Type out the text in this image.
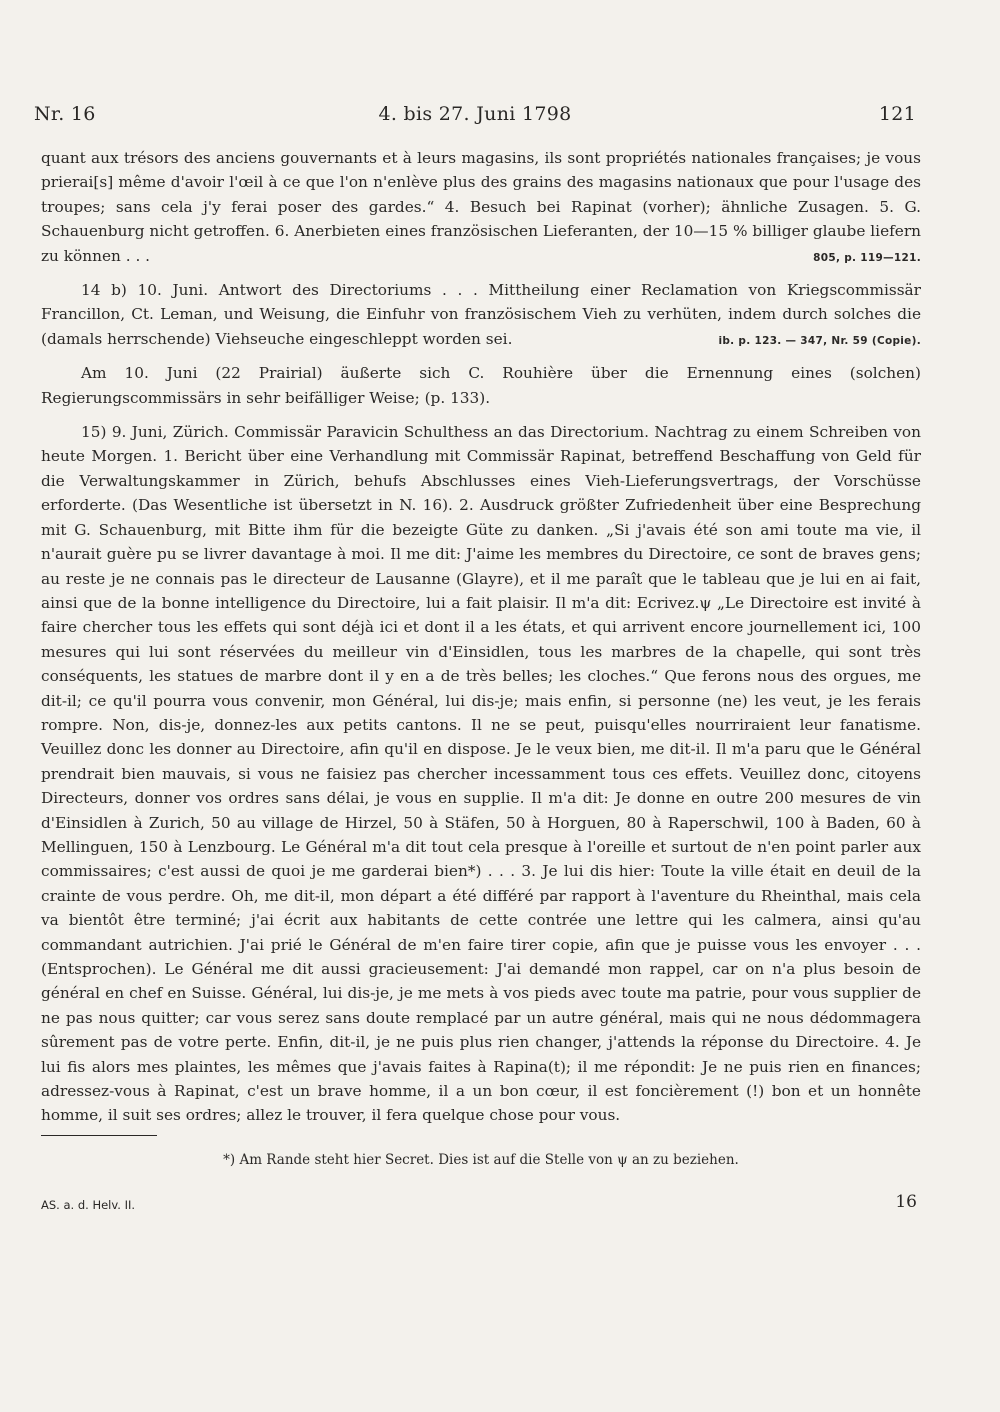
Nr. 16	4. bis 27. Juni 1798	121

quant aux trésors des anciens gouvernants et à leurs magasins, ils sont propriétés nationales françaises; je vous prierai[s] même d'avoir l'œil à ce que l'on n'enlève plus des grains des magasins nationaux que pour l'usage des troupes; sans cela j'y ferai poser des gardes.“ 4. Besuch bei Rapinat (vorher); ähnliche Zusagen. 5. G. Schauenburg nicht getroffen. 6. Anerbieten eines französischen Lieferanten, der 10—15 % billiger glaube liefern zu können . . .	805, p. 119—121.

14 b) 10. Juni. Antwort des Directoriums . . . Mittheilung einer Reclamation von Kriegscommissär Francillon, Ct. Leman, und Weisung, die Einfuhr von französischem Vieh zu verhüten, indem durch solches die (damals herrschende) Viehseuche eingeschleppt worden sei.	ib. p. 123. — 347, Nr. 59 (Copie).

Am 10. Juni (22 Prairial) äußerte sich C. Rouhière über die Ernennung eines (solchen) Regierungscommissärs in sehr beifälliger Weise; (p. 133).

15) 9. Juni, Zürich. Commissär Paravicin Schulthess an das Directorium. Nachtrag zu einem Schreiben von heute Morgen. 1. Bericht über eine Verhandlung mit Commissär Rapinat, betreffend Beschaffung von Geld für die Verwaltungskammer in Zürich, behufs Abschlusses eines Vieh-Lieferungsvertrags, der Vorschüsse erforderte. (Das Wesentliche ist übersetzt in N. 16). 2. Ausdruck größter Zufriedenheit über eine Besprechung mit G. Schauenburg, mit Bitte ihm für die bezeigte Güte zu danken. „Si j'avais été son ami toute ma vie, il n'aurait guère pu se livrer davantage à moi. Il me dit: J'aime les membres du Directoire, ce sont de braves gens; au reste je ne connais pas le directeur de Lausanne (Glayre), et il me paraît que le tableau que je lui en ai fait, ainsi que de la bonne intelligence du Directoire, lui a fait plaisir. Il m'a dit: Ecrivez.ψ „Le Directoire est invité à faire chercher tous les effets qui sont déjà ici et dont il a les états, et qui arrivent encore journellement ici, 100 mesures qui lui sont réservées du meilleur vin d'Einsidlen, tous les marbres de la chapelle, qui sont très conséquents, les statues de marbre dont il y en a de très belles; les cloches.“ Que ferons nous des orgues, me dit-il; ce qu'il pourra vous convenir, mon Général, lui dis-je; mais enfin, si personne (ne) les veut, je les ferais rompre. Non, dis-je, donnez-les aux petits cantons. Il ne se peut, puisqu'elles nourriraient leur fanatisme. Veuillez donc les donner au Directoire, afin qu'il en dispose. Je le veux bien, me dit-il. Il m'a paru que le Général prendrait bien mauvais, si vous ne faisiez pas chercher incessamment tous ces effets. Veuillez donc, citoyens Directeurs, donner vos ordres sans délai, je vous en supplie. Il m'a dit: Je donne en outre 200 mesures de vin d'Einsidlen à Zurich, 50 au village de Hirzel, 50 à Stäfen, 50 à Horguen, 80 à Raperschwil, 100 à Baden, 60 à Mellinguen, 150 à Lenzbourg. Le Général m'a dit tout cela presque à l'oreille et surtout de n'en point parler aux commissaires; c'est aussi de quoi je me garderai bien*) . . . 3. Je lui dis hier: Toute la ville était en deuil de la crainte de vous perdre. Oh, me dit-il, mon départ a été différé par rapport à l'aventure du Rheinthal, mais cela va bientôt être terminé; j'ai écrit aux habitants de cette contrée une lettre qui les calmera, ainsi qu'au commandant autrichien. J'ai prié le Général de m'en faire tirer copie, afin que je puisse vous les envoyer . . . (Entsprochen). Le Général me dit aussi gracieusement: J'ai demandé mon rappel, car on n'a plus besoin de général en chef en Suisse. Général, lui dis-je, je me mets à vos pieds avec toute ma patrie, pour vous supplier de ne pas nous quitter; car vous serez sans doute remplacé par un autre général, mais qui ne nous dédommagera sûrement pas de votre perte. Enfin, dit-il, je ne puis plus rien changer, j'attends la réponse du Directoire. 4. Je lui fis alors mes plaintes, les mêmes que j'avais faites à Rapina(t); il me répondit: Je ne puis rien en finances; adressez-vous à Rapinat, c'est un brave homme, il a un bon cœur, il est foncièrement (!) bon et un honnête homme, il suit ses ordres; allez le trouver, il fera quelque chose pour vous.

*) Am Rande steht hier Secret. Dies ist auf die Stelle von ψ an zu beziehen.
AS. a. d. Helv. II.	16
